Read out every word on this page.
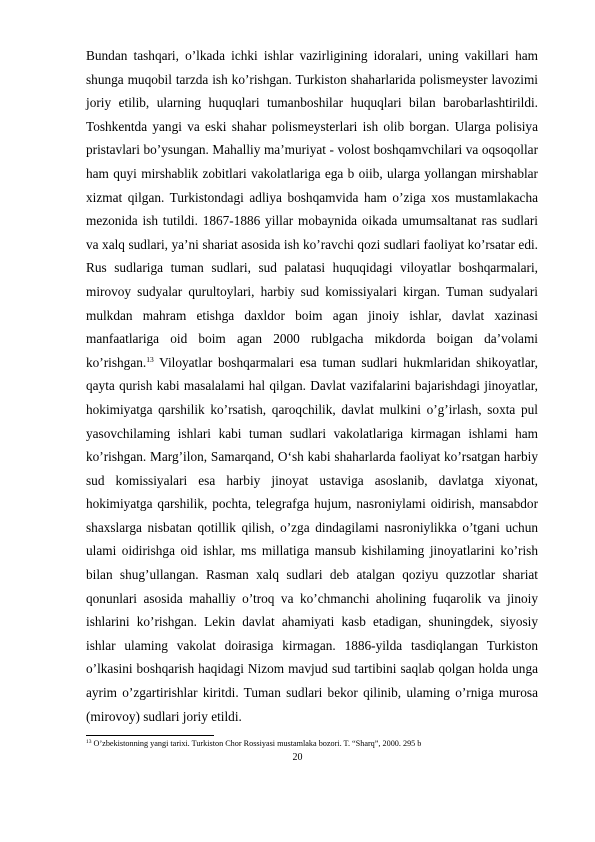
Bundan tashqari, o’lkada ichki ishlar vazirligining idoralari, uning vakillari ham shunga muqobil tarzda ish ko’rishgan. Turkiston shaharlarida polismeyster lavozimi joriy etilib, ularning huquqlari tumanboshilar huquqlari bilan barobarlashtirildi. Toshkentda yangi va eski shahar polismeysterlari ish olib borgan. Ularga polisiya pristavlari bo’ysungan. Mahalliy ma’muriyat - volost boshqamvchilari va oqsoqollar ham quyi mirshablik zobitlari vakolatlariga ega b oiib, ularga yollangan mirshablar xizmat qilgan. Turkistondagi adliya boshqamvida ham o’ziga xos mustamlakacha mezonida ish tutildi. 1867-1886 yillar mobaynida oikada umumsaltanat ras sudlari va xalq sudlari, ya’ni shariat asosida ish ko’ravchi qozi sudlari faoliyat ko’rsatar edi. Rus sudlariga tuman sudlari, sud palatasi huquqidagi viloyatlar boshqarmalari, mirovoy sudyalar qurultoylari, harbiy sud komissiyalari kirgan. Tuman sudyalari mulkdan mahram etishga daxldor boim agan jinoiy ishlar, davlat xazinasi manfaatlariga oid boim agan 2000 rublgacha mikdorda boigan da’volami ko’rishgan.$^{13}$ Viloyatlar boshqarmalari esa tuman sudlari hukmlaridan shikoyatlar, qayta qurish kabi masalalami hal qilgan. Davlat vazifalarini bajarishdagi jinoyatlar, hokimiyatga qarshilik ko’rsatish, qaroqchilik, davlat mulkini o’g’irlash, soxta pul yasovchilaming ishlari kabi tuman sudlari vakolatlariga kirmagan ishlami ham ko’rishgan. Marg’ilon, Samarqand, O‘sh kabi shaharlarda faoliyat ko’rsatgan harbiy sud komissiyalari esa harbiy jinoyat ustaviga asoslanib, davlatga xiyonat, hokimiyatga qarshilik, pochta, telegrafga hujum, nasroniylami oidirish, mansabdor shaxslarga nisbatan qotillik qilish, o’zga dindagilami nasroniylikka o’tgani uchun ulami oidirishga oid ishlar, ms millatiga mansub kishilaming jinoyatlarini ko’rish bilan shug’ullangan. Rasman xalq sudlari deb atalgan qoziyu quzzotlar shariat qonunlari asosida mahalliy o’troq va ko’chmanchi aholining fuqarolik va jinoiy ishlarini ko’rishgan. Lekin davlat ahamiyati kasb etadigan, shuningdek, siyosiy ishlar ulaming vakolat doirasiga kirmagan. 1886-yilda tasdiqlangan Turkiston o’lkasini boshqarish haqidagi Nizom mavjud sud tartibini saqlab qolgan holda unga ayrim o’zgartirishlar kiritdi. Tuman sudlari bekor qilinib, ulaming o’rniga murosa (mirovoy) sudlari joriy etildi.
$^{13}$ O’zbekistonning yangi tarixi. Turkiston Chor Rossiyasi mustamlaka bozori. T. “Sharq”, 2000. 295 b
20
